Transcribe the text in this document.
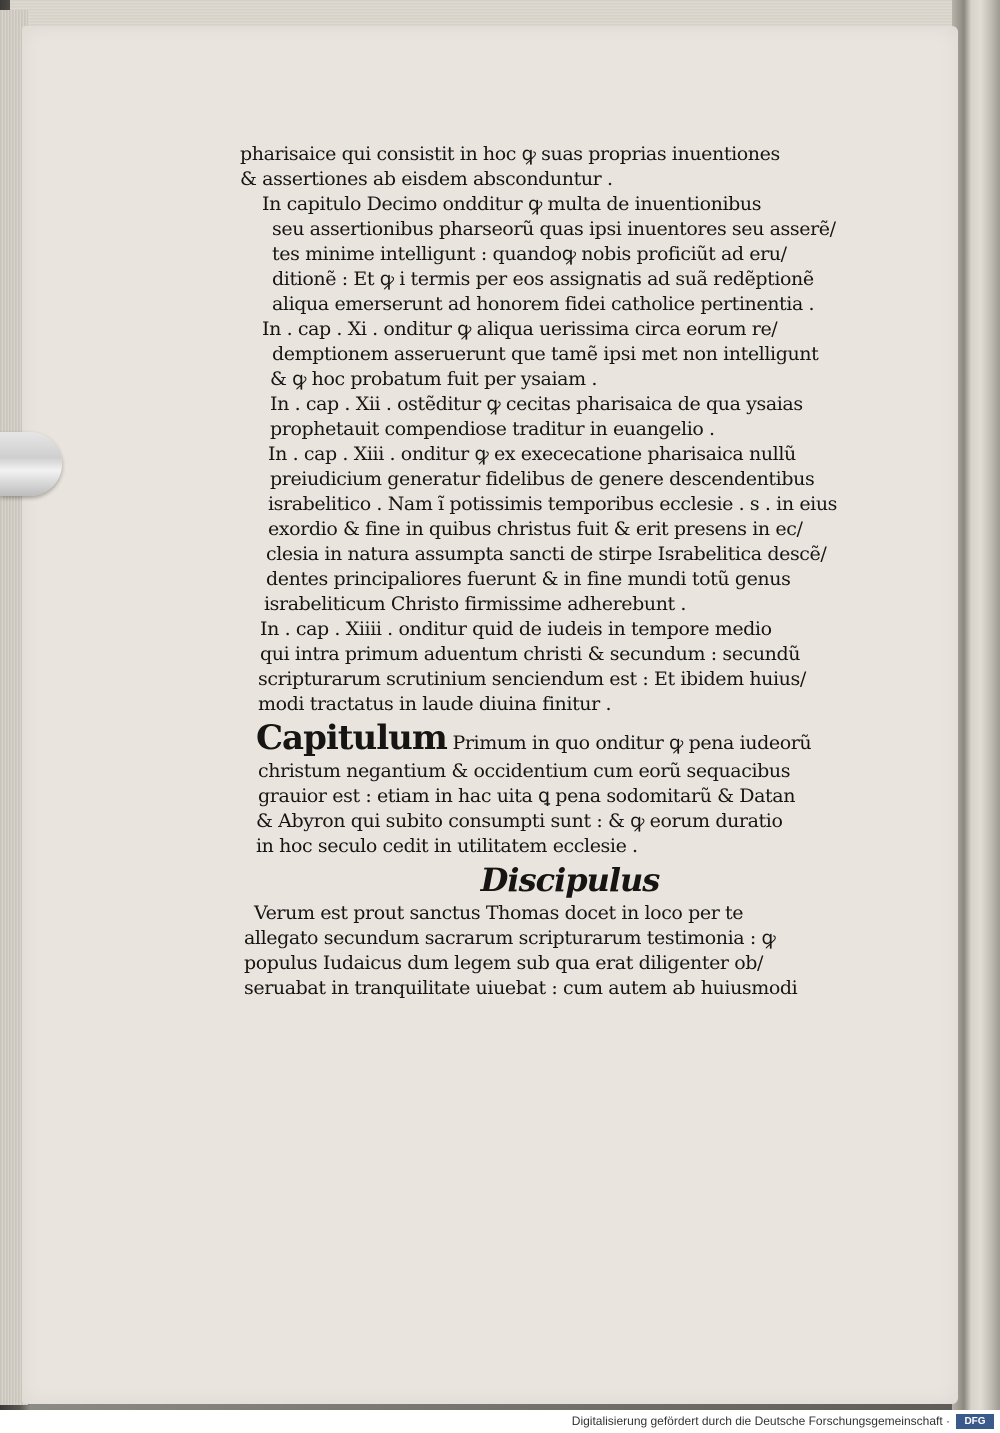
pharisaice qui consistit in hoc ꝙ suas proprias inuentiones
& assertiones ab eisdem absconduntur .
In capitulo Decimo ondditur ꝙ multa de inuentionibus
seu assertionibus pharseorũ quas ipsi inuentores seu asserẽ/
tes minime intelligunt : quandoꝙ nobis proficiũt ad eru/
ditionẽ : Et ꝙ i termis per eos assignatis ad suã redẽptionẽ
aliqua emerserunt ad honorem fidei catholice pertinentia .
In . cap . Xi . onditur ꝙ aliqua uerissima circa eorum re/
demptionem asseruerunt que tamẽ ipsi met non intelligunt
& ꝙ hoc probatum fuit per ysaiam .
In . cap . Xii . ostẽditur ꝙ cecitas pharisaica de qua ysaias
prophetauit compendiose traditur in euangelio .
In . cap . Xiii . onditur ꝙ ex exececatione pharisaica nullũ
preiudicium generatur fidelibus de genere descendentibus
israbelitico . Nam ĩ potissimis temporibus ecclesie . s . in eius
exordio & fine in quibus christus fuit & erit presens in ec/
clesia in natura assumpta sancti de stirpe Israbelitica descẽ/
dentes principaliores fuerunt & in fine mundi totũ genus
israbeliticum Christo firmissime adherebunt .
In . cap . Xiiii . onditur quid de iudeis in tempore medio
qui intra primum aduentum christi & secundum : secundũ
scripturarum scrutinium senciendum est : Et ibidem huius/
modi tractatus in laude diuina finitur .
Capitulum Primum in quo onditur ꝙ pena iudeorũ
christum negantium & occidentium cum eorũ sequacibus
grauior est : etiam in hac uita ꝗ pena sodomitarũ & Datan
& Abyron qui subito consumpti sunt : & ꝙ eorum duratio
in hoc seculo cedit in utilitatem ecclesie .
Discipulus
Verum est prout sanctus Thomas docet in loco per te
allegato secundum sacrarum scripturarum testimonia : ꝙ
populus Iudaicus dum legem sub qua erat diligenter ob/
seruabat in tranquilitate uiuebat : cum autem ab huiusmodi
Digitalisierung gefördert durch die Deutsche Forschungsgemeinschaft ·	DFG
